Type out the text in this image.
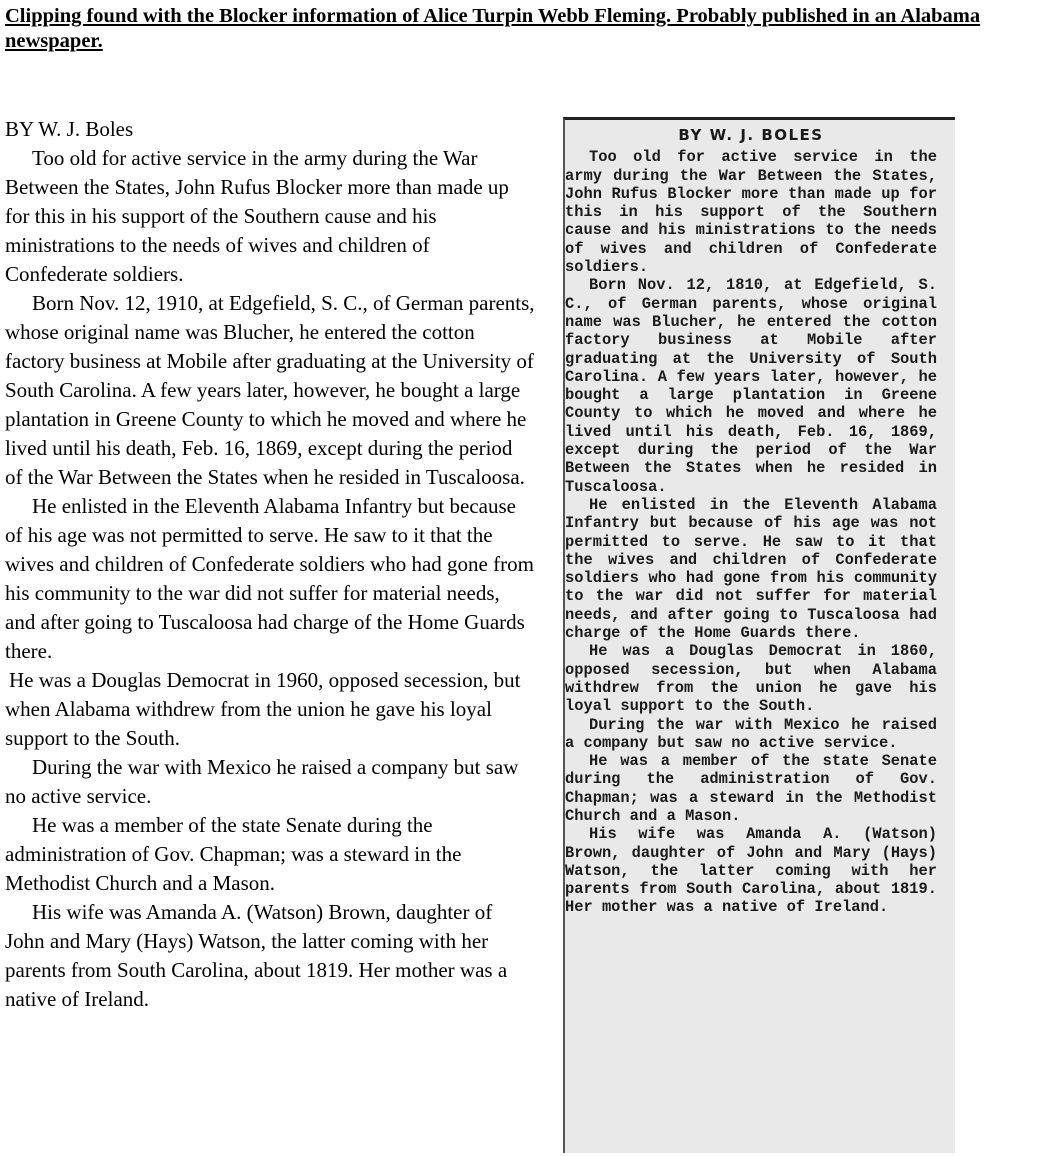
Clipping found with the Blocker information of Alice Turpin Webb Fleming. Probably published in an Alabama newspaper.

BY W. J. Boles

Too old for active service in the army during the War Between the States, John Rufus Blocker more than made up for this in his support of the Southern cause and his ministrations to the needs of wives and children of Confederate soldiers.

Born Nov. 12, 1910, at Edgefield, S. C., of German parents, whose original name was Blucher, he entered the cotton factory business at Mobile after graduating at the University of South Carolina. A few years later, however, he bought a large plantation in Greene County to which he moved and where he lived until his death, Feb. 16, 1869, except during the period of the War Between the States when he resided in Tuscaloosa.

He enlisted in the Eleventh Alabama Infantry but because of his age was not permitted to serve. He saw to it that the wives and children of Confederate soldiers who had gone from his community to the war did not suffer for material needs, and after going to Tuscaloosa had charge of the Home Guards there.

He was a Douglas Democrat in 1960, opposed secession, but when Alabama withdrew from the union he gave his loyal support to the South.

During the war with Mexico he raised a company but saw no active service.

He was a member of the state Senate during the administration of Gov. Chapman; was a steward in the Methodist Church and a Mason.

His wife was Amanda A. (Watson) Brown, daughter of John and Mary (Hays) Watson, the latter coming with her parents from South Carolina, about 1819. Her mother was a native of Ireland.

BY W. J. BOLES

Too old for active service in the army during the War Between the States, John Rufus Blocker more than made up for this in his support of the Southern cause and his ministrations to the needs of wives and children of Confederate soldiers.

Born Nov. 12, 1810, at Edgefield, S. C., of German parents, whose original name was Blucher, he entered the cotton factory business at Mobile after graduating at the University of South Carolina. A few years later, however, he bought a large plantation in Greene County to which he moved and where he lived until his death, Feb. 16, 1869, except during the period of the War Between the States when he resided in Tuscaloosa.

He enlisted in the Eleventh Alabama Infantry but because of his age was not permitted to serve. He saw to it that the wives and children of Confederate soldiers who had gone from his community to the war did not suffer for material needs, and after going to Tuscaloosa had charge of the Home Guards there.

He was a Douglas Democrat in 1860, opposed secession, but when Alabama withdrew from the union he gave his loyal support to the South.

During the war with Mexico he raised a company but saw no active service.

He was a member of the state Senate during the administration of Gov. Chapman; was a steward in the Methodist Church and a Mason.

His wife was Amanda A. (Watson) Brown, daughter of John and Mary (Hays) Watson, the latter coming with her parents from South Carolina, about 1819. Her mother was a native of Ireland.
